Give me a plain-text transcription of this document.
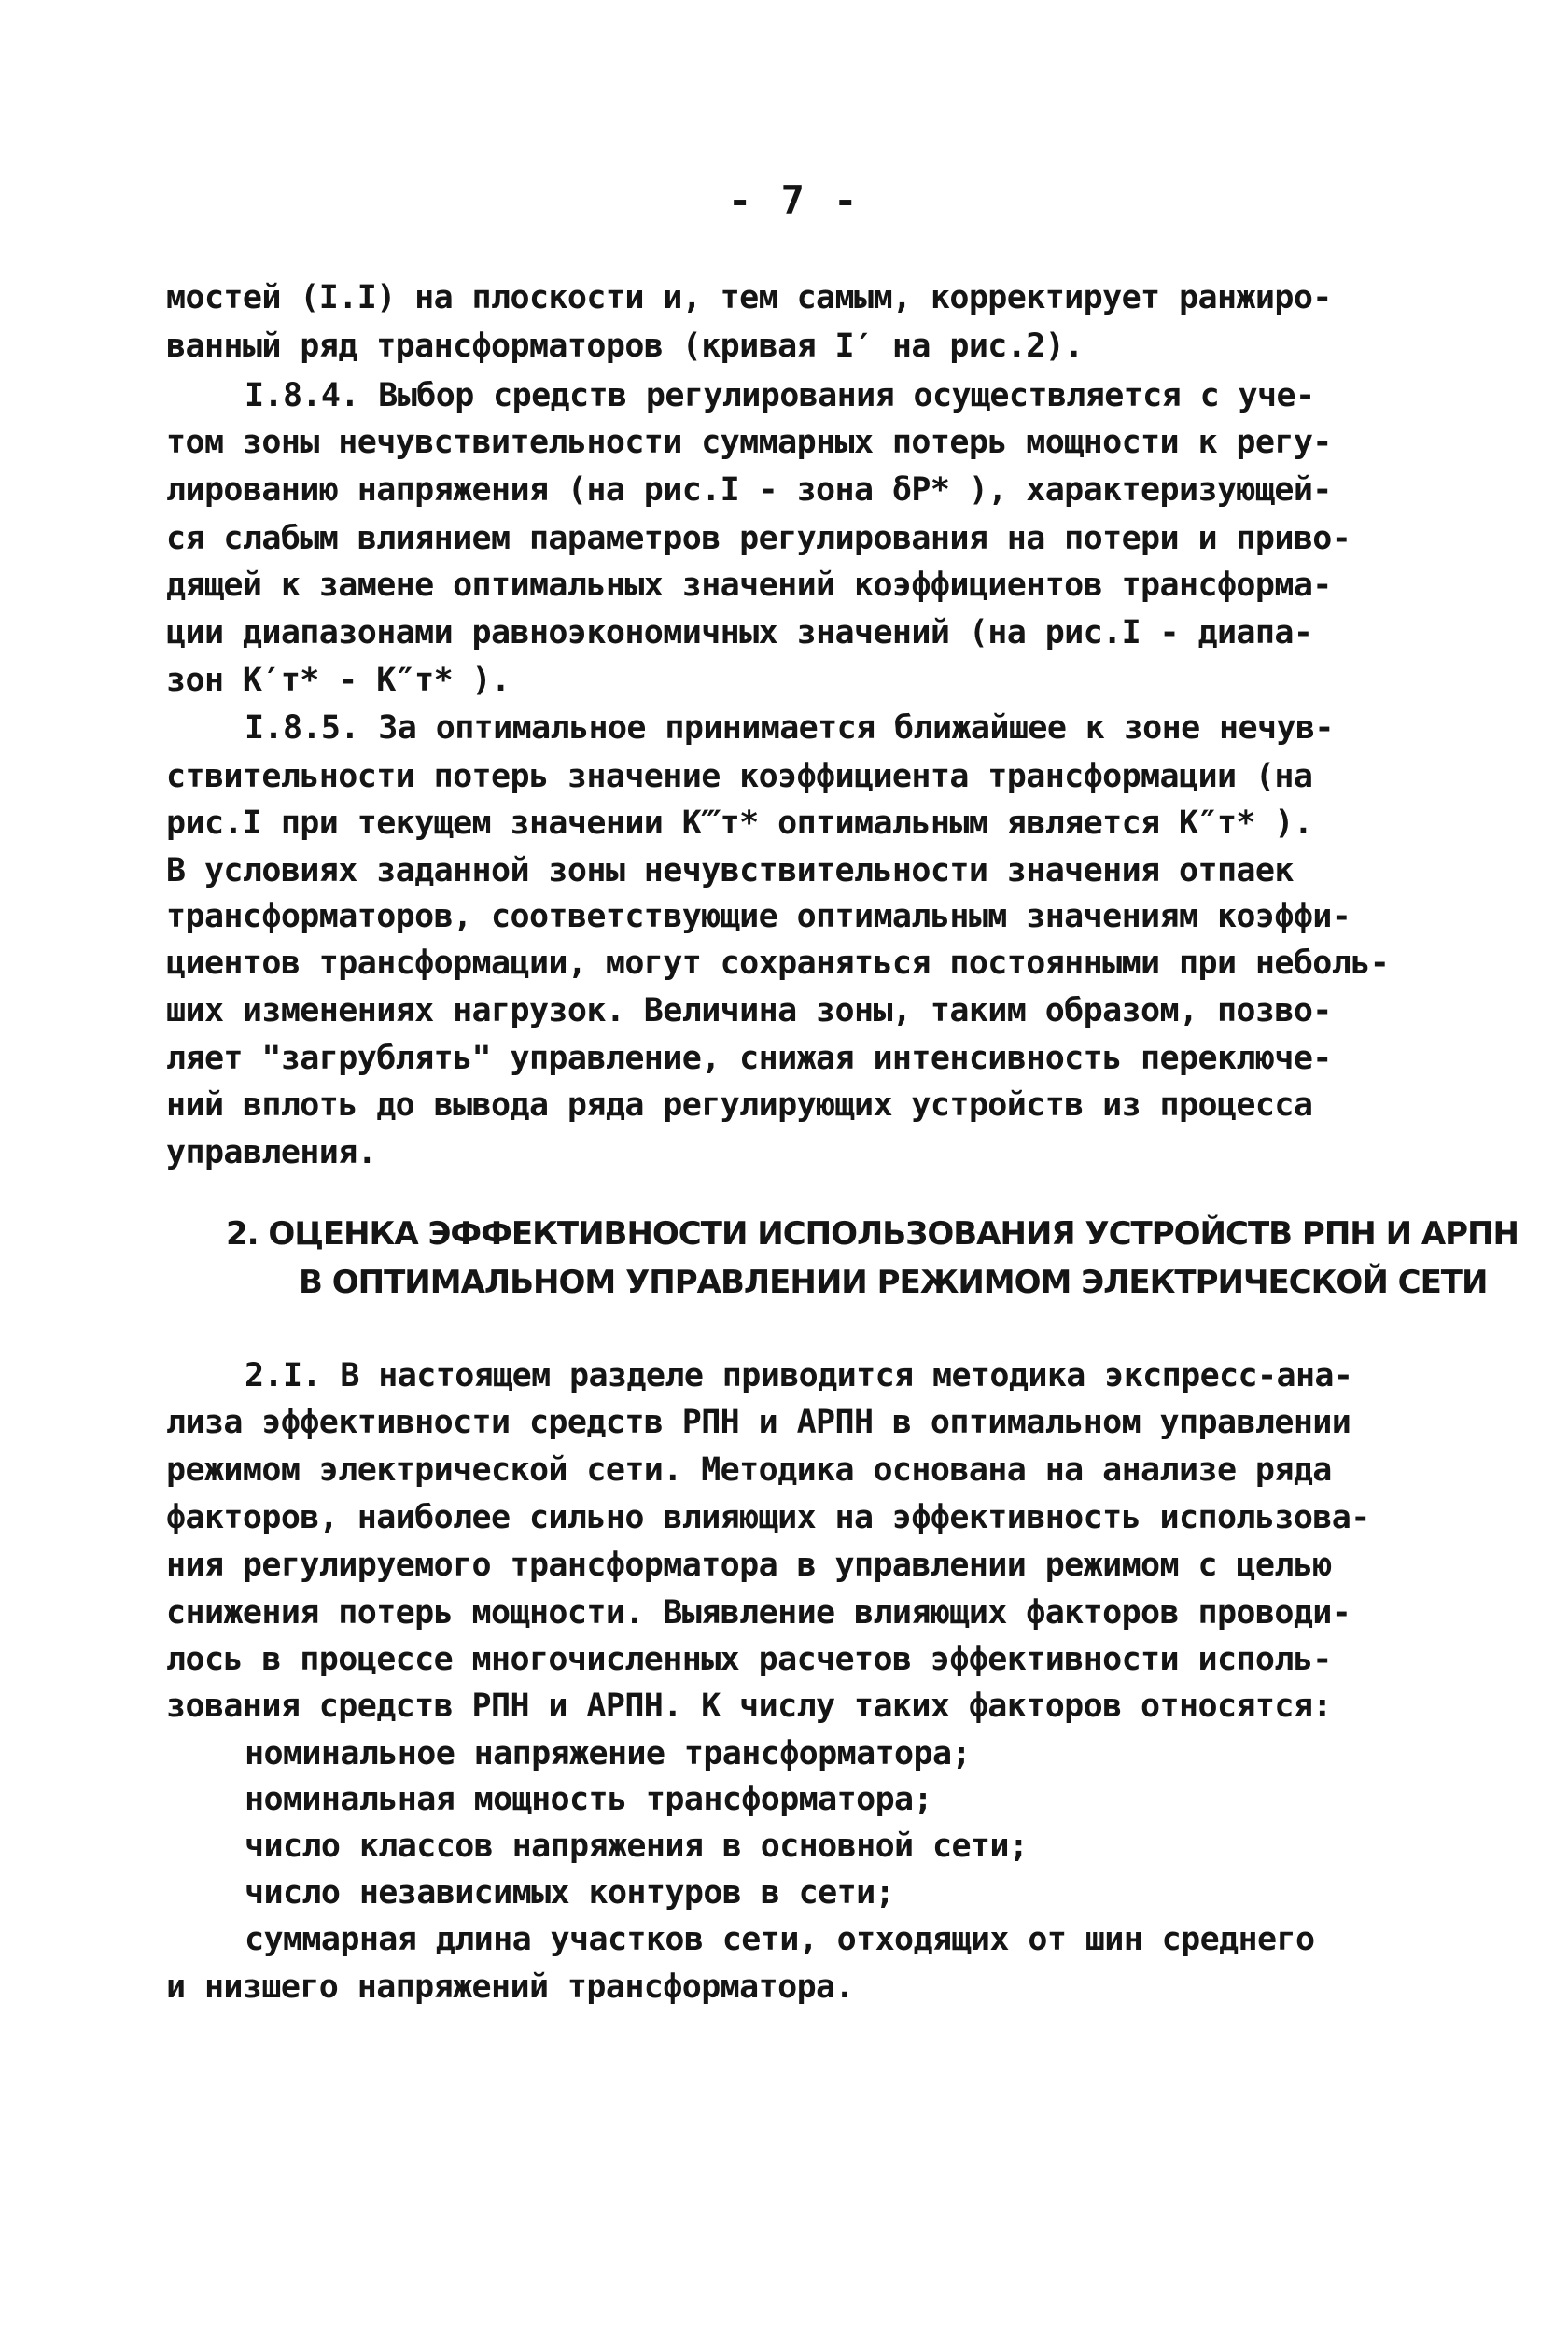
- 7 -
мостей (I.I) на плоскости и, тем самым, корректирует ранжиро-
ванный ряд трансформаторов (кривая I′ на рис.2).
I.8.4. Выбор средств регулирования осуществляется с уче-
том зоны нечувствительности суммарных потерь мощности к регу-
лированию напряжения (на рис.I - зона δP* ), характеризующей-
ся слабым влиянием параметров регулирования на потери и приво-
дящей к замене оптимальных значений коэффициентов трансформа-
ции диапазонами равноэкономичных значений (на рис.I - диапа-
зон K′т* - K″т* ).
I.8.5. За оптимальное принимается ближайшее к зоне нечув-
ствительности потерь значение коэффициента трансформации (на
рис.I при текущем значении K‴т* оптимальным является K″т* ).
В условиях заданной зоны нечувствительности значения отпаек
трансформаторов, соответствующие оптимальным значениям коэффи-
циентов трансформации, могут сохраняться постоянными при неболь-
ших изменениях нагрузок. Величина зоны, таким образом, позво-
ляет "загрублять" управление, снижая интенсивность переключе-
ний вплоть до вывода ряда регулирующих устройств из процесса
управления.
2. ОЦЕНКА ЭФФЕКТИВНОСТИ ИСПОЛЬЗОВАНИЯ УСТРОЙСТВ РПН И АРПН
В ОПТИМАЛЬНОМ УПРАВЛЕНИИ РЕЖИМОМ ЭЛЕКТРИЧЕСКОЙ СЕТИ
2.I. В настоящем разделе приводится методика экспресс-ана-
лиза эффективности средств РПН и АРПН в оптимальном управлении
режимом электрической сети. Методика основана на анализе ряда
факторов, наиболее сильно влияющих на эффективность использова-
ния регулируемого трансформатора в управлении режимом с целью
снижения потерь мощности. Выявление влияющих факторов проводи-
лось в процессе многочисленных расчетов эффективности исполь-
зования средств РПН и АРПН. К числу таких факторов относятся:
номинальное напряжение трансформатора;
номинальная мощность трансформатора;
число классов напряжения в основной сети;
число независимых контуров в сети;
суммарная длина участков сети, отходящих от шин среднего
и низшего напряжений трансформатора.
